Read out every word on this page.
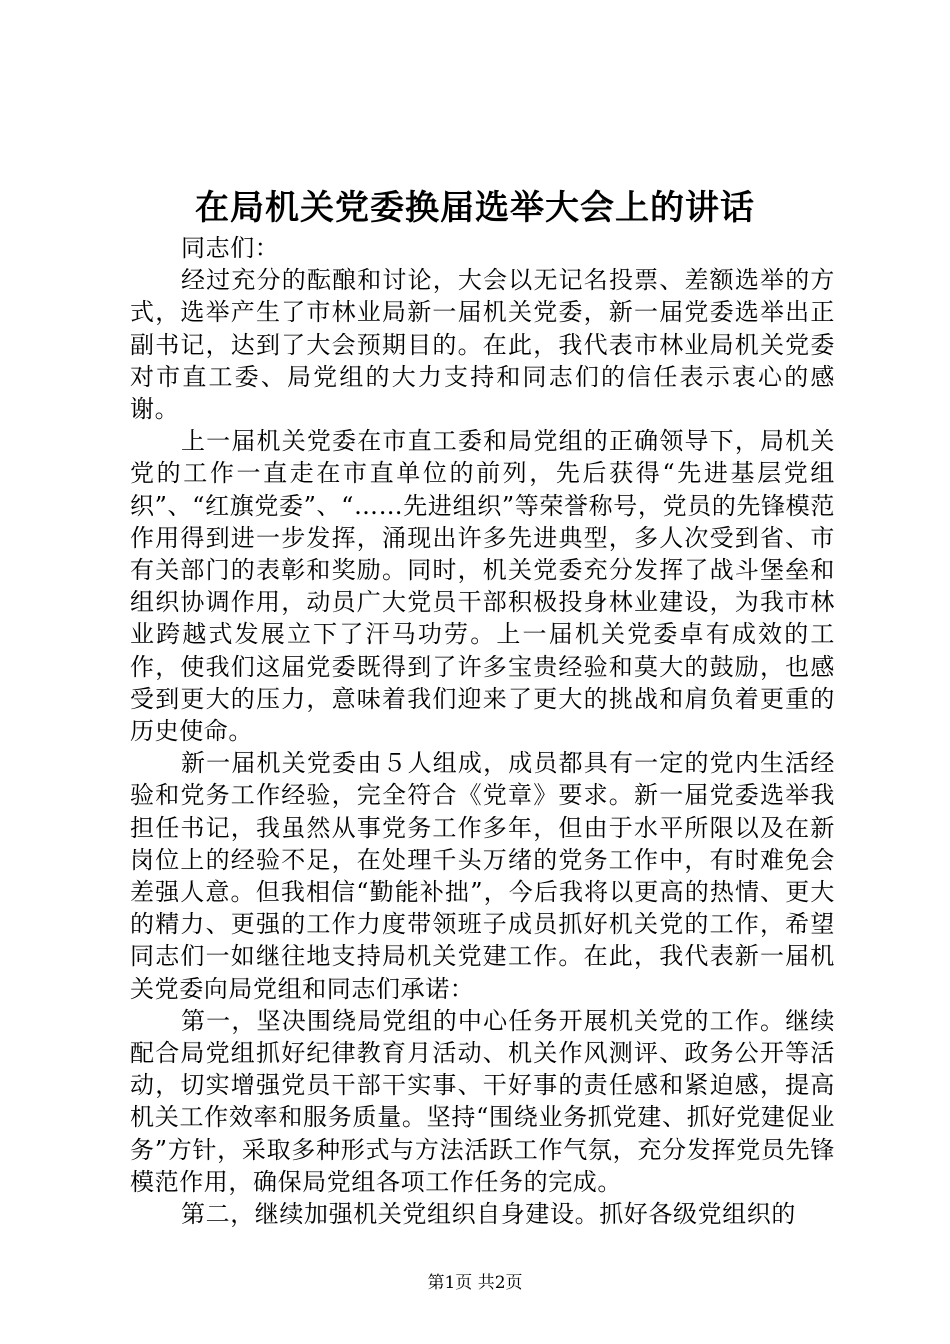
在局机关党委换届选举大会上的讲话

同志们：

经过充分的酝酿和讨论，大会以无记名投票、差额选举的方式，选举产生了市林业局新一届机关党委，新一届党委选举出正副书记，达到了大会预期目的。在此，我代表市林业局机关党委对市直工委、局党组的大力支持和同志们的信任表示衷心的感谢。

上一届机关党委在市直工委和局党组的正确领导下，局机关党的工作一直走在市直单位的前列，先后获得“先进基层党组织”、“红旗党委”、“……先进组织”等荣誉称号，党员的先锋模范作用得到进一步发挥，涌现出许多先进典型，多人次受到省、市有关部门的表彰和奖励。同时，机关党委充分发挥了战斗堡垒和组织协调作用，动员广大党员干部积极投身林业建设，为我市林业跨越式发展立下了汗马功劳。上一届机关党委卓有成效的工作，使我们这届党委既得到了许多宝贵经验和莫大的鼓励，也感受到更大的压力，意味着我们迎来了更大的挑战和肩负着更重的历史使命。

新一届机关党委由５人组成，成员都具有一定的党内生活经验和党务工作经验，完全符合《党章》要求。新一届党委选举我担任书记，我虽然从事党务工作多年，但由于水平所限以及在新岗位上的经验不足，在处理千头万绪的党务工作中，有时难免会差强人意。但我相信“勤能补拙”，今后我将以更高的热情、更大的精力、更强的工作力度带领班子成员抓好机关党的工作，希望同志们一如继往地支持局机关党建工作。在此，我代表新一届机关党委向局党组和同志们承诺：

第一，坚决围绕局党组的中心任务开展机关党的工作。继续配合局党组抓好纪律教育月活动、机关作风测评、政务公开等活动，切实增强党员干部干实事、干好事的责任感和紧迫感，提高机关工作效率和服务质量。坚持“围绕业务抓党建、抓好党建促业务”方针，采取多种形式与方法活跃工作气氛，充分发挥党员先锋模范作用，确保局党组各项工作任务的完成。

第二，继续加强机关党组织自身建设。抓好各级党组织的

第1页 共2页
